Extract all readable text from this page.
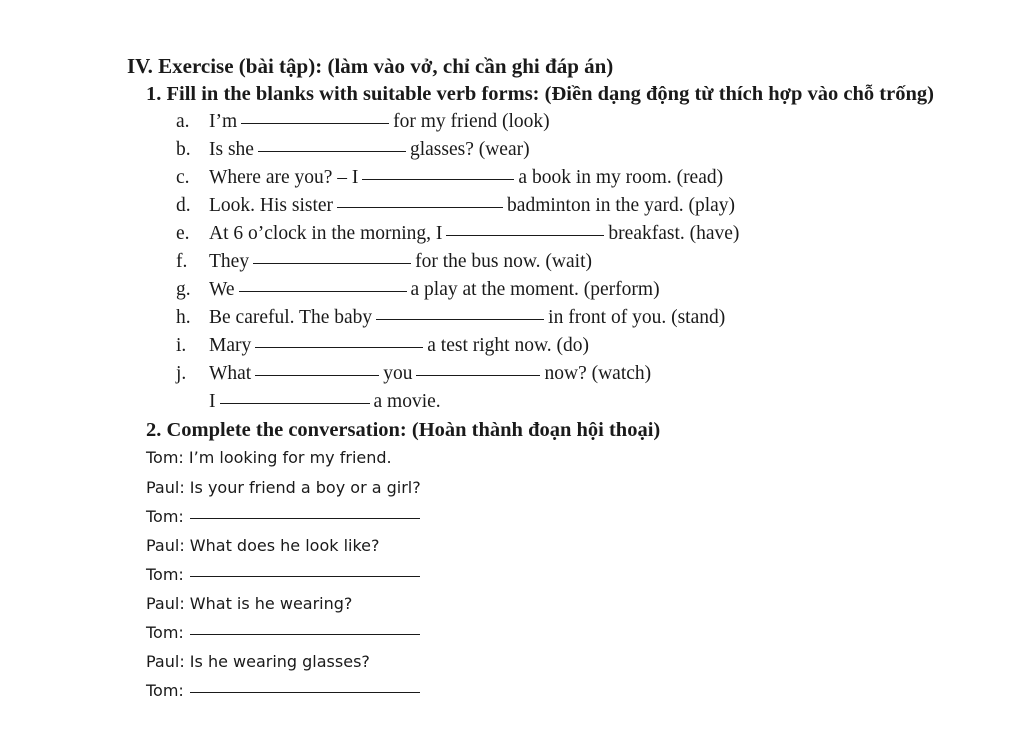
IV. Exercise (bài tập): (làm vào vở, chỉ cần ghi đáp án)
1. Fill in the blanks with suitable verb forms: (Điền dạng động từ thích hợp vào chỗ trống)
a. I’m	for my friend (look)
b. Is she	glasses? (wear)
c. Where are you? – I	a book in my room. (read)
d. Look. His sister	badminton in the yard. (play)
e. At 6 o’clock in the morning, I	breakfast. (have)
f.	They	for the bus now. (wait)
g. We	a play at the moment. (perform)
h. Be careful. The baby	in front of you. (stand)
i.	Mary	a test right now. (do)
j.	What	you	now? (watch)
I	a movie.
2. Complete the conversation: (Hoàn thành đoạn hội thoại)
Tom: I’m looking for my friend.
Paul: Is your friend a boy or a girl?
Tom:
Paul: What does he look like?
Tom:
Paul: What is he wearing?
Tom:
Paul: Is he wearing glasses?
Tom:
